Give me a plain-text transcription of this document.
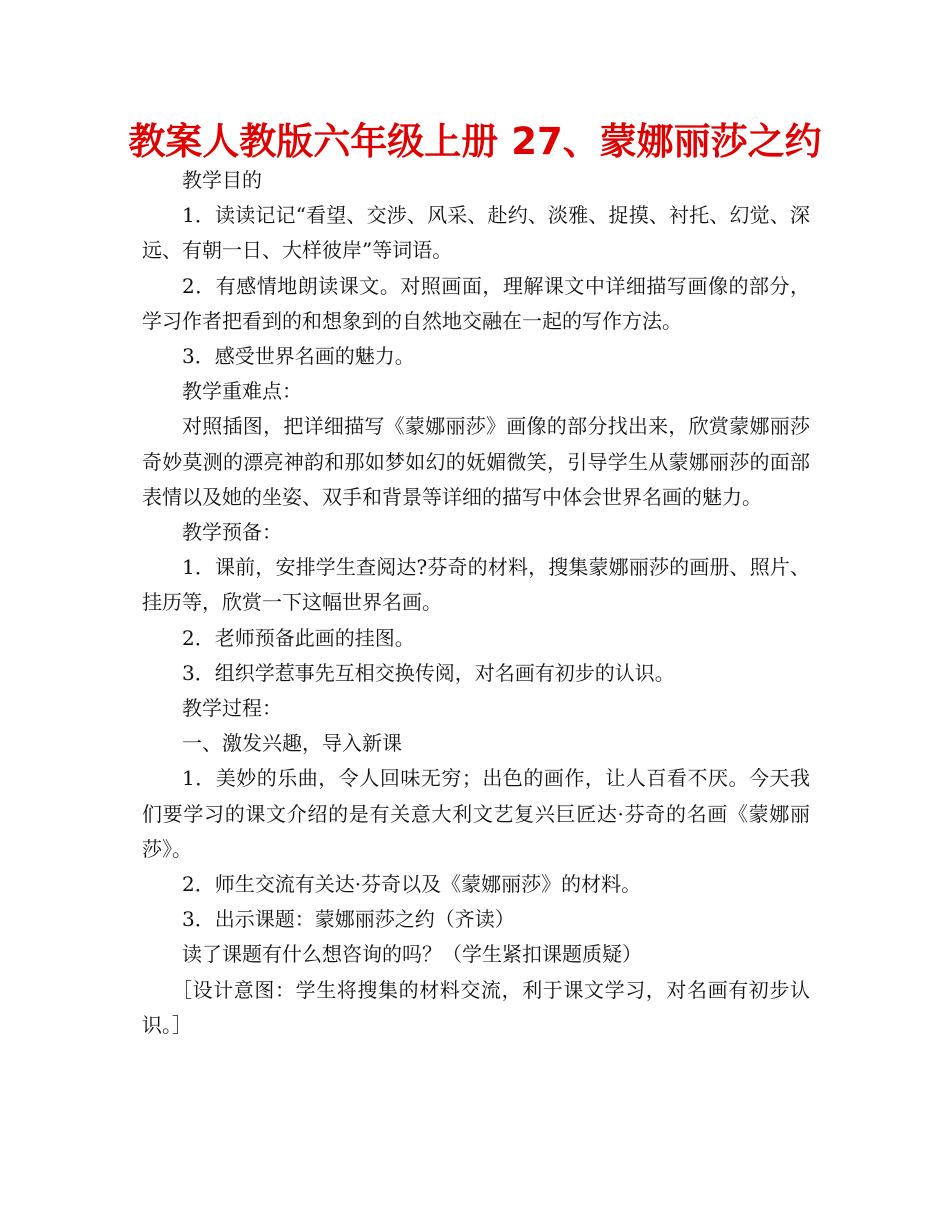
教案人教版六年级上册 27、蒙娜丽莎之约

教学目的

1．读读记记“看望、交涉、风采、赴约、淡雅、捉摸、衬托、幻觉、深远、有朝一日、大样彼岸”等词语。

2．有感情地朗读课文。对照画面，理解课文中详细描写画像的部分，学习作者把看到的和想象到的自然地交融在一起的写作方法。

3．感受世界名画的魅力。

教学重难点：

对照插图，把详细描写《蒙娜丽莎》画像的部分找出来，欣赏蒙娜丽莎奇妙莫测的漂亮神韵和那如梦如幻的妩媚微笑，引导学生从蒙娜丽莎的面部表情以及她的坐姿、双手和背景等详细的描写中体会世界名画的魅力。

教学预备：

1．课前，安排学生查阅达?芬奇的材料，搜集蒙娜丽莎的画册、照片、挂历等，欣赏一下这幅世界名画。

2．老师预备此画的挂图。

3．组织学惹事先互相交换传阅，对名画有初步的认识。

教学过程：

一、激发兴趣，导入新课

1．美妙的乐曲，令人回味无穷；出色的画作，让人百看不厌。今天我们要学习的课文介绍的是有关意大利文艺复兴巨匠达·芬奇的名画《蒙娜丽莎》。

2．师生交流有关达·芬奇以及《蒙娜丽莎》的材料。

3．出示课题：蒙娜丽莎之约（齐读）

读了课题有什么想咨询的吗？（学生紧扣课题质疑）

［设计意图：学生将搜集的材料交流，利于课文学习，对名画有初步认识。］
